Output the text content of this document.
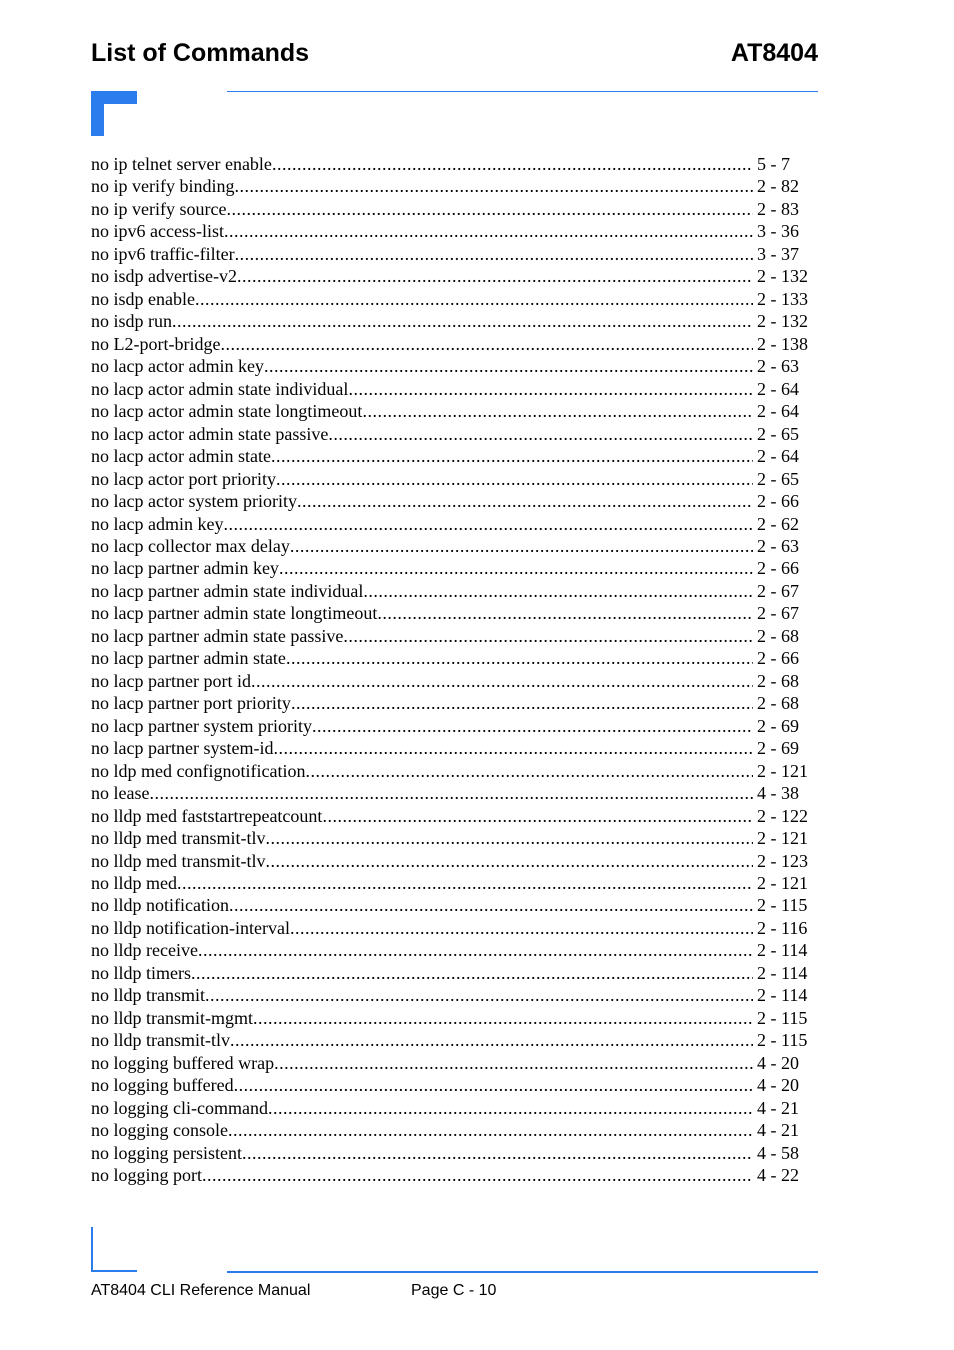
List of Commands	AT8404
no ip telnet server enable .....	5 - 7
no ip verify binding .....	2 - 82
no ip verify source .....	2 - 83
no ipv6 access-list .....	3 - 36
no ipv6 traffic-filter .....	3 - 37
no isdp advertise-v2 .....	2 - 132
no isdp enable .....	2 - 133
no isdp run .....	2 - 132
no L2-port-bridge .....	2 - 138
no lacp actor admin key .....	2 - 63
no lacp actor admin state individual .....	2 - 64
no lacp actor admin state longtimeout .....	2 - 64
no lacp actor admin state passive .....	2 - 65
no lacp actor admin state .....	2 - 64
no lacp actor port priority .....	2 - 65
no lacp actor system priority .....	2 - 66
no lacp admin key .....	2 - 62
no lacp collector max delay .....	2 - 63
no lacp partner admin key .....	2 - 66
no lacp partner admin state individual .....	2 - 67
no lacp partner admin state longtimeout .....	2 - 67
no lacp partner admin state passive .....	2 - 68
no lacp partner admin state .....	2 - 66
no lacp partner port id .....	2 - 68
no lacp partner port priority .....	2 - 68
no lacp partner system priority .....	2 - 69
no lacp partner system-id .....	2 - 69
no ldp med confignotification .....	2 - 121
no lease .....	4 - 38
no lldp med faststartrepeatcount .....	2 - 122
no lldp med transmit-tlv .....	2 - 121
no lldp med transmit-tlv .....	2 - 123
no lldp med .....	2 - 121
no lldp notification .....	2 - 115
no lldp notification-interval .....	2 - 116
no lldp receive .....	2 - 114
no lldp timers .....	2 - 114
no lldp transmit .....	2 - 114
no lldp transmit-mgmt .....	2 - 115
no lldp transmit-tlv .....	2 - 115
no logging buffered wrap .....	4 - 20
no logging buffered .....	4 - 20
no logging cli-command .....	4 - 21
no logging console .....	4 - 21
no logging persistent .....	4 - 58
no logging port .....	4 - 22
AT8404 CLI Reference Manual	Page C - 10
